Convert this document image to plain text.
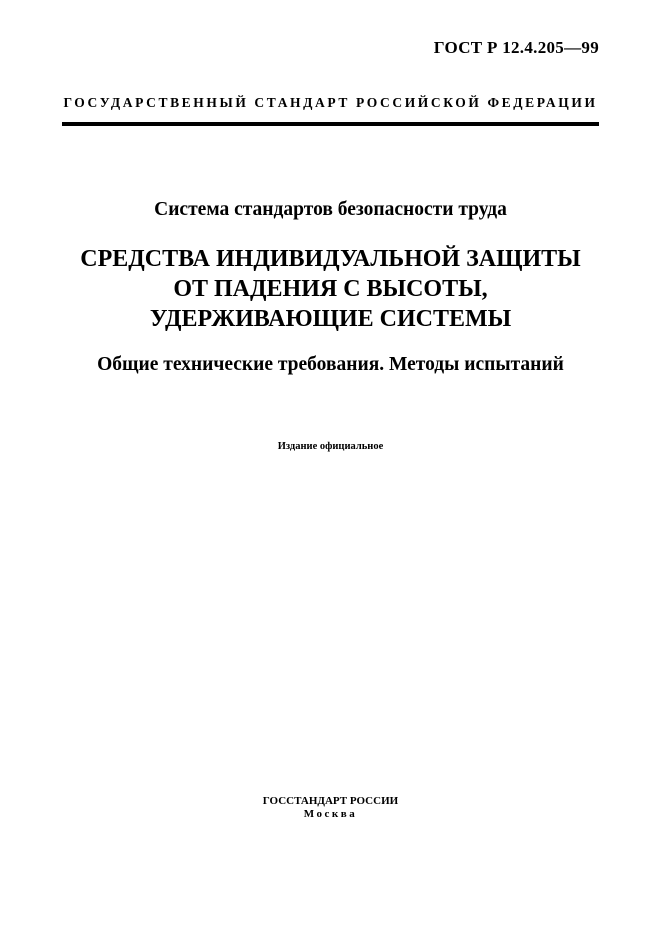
ГОСТ Р 12.4.205—99
ГОСУДАРСТВЕННЫЙ СТАНДАРТ РОССИЙСКОЙ ФЕДЕРАЦИИ
Система стандартов безопасности труда
СРЕДСТВА ИНДИВИДУАЛЬНОЙ ЗАЩИТЫ
ОТ ПАДЕНИЯ С ВЫСОТЫ,
УДЕРЖИВАЮЩИЕ СИСТЕМЫ
Общие технические требования. Методы испытаний
Издание официальное
ГОССТАНДАРТ РОССИИ
Москва
